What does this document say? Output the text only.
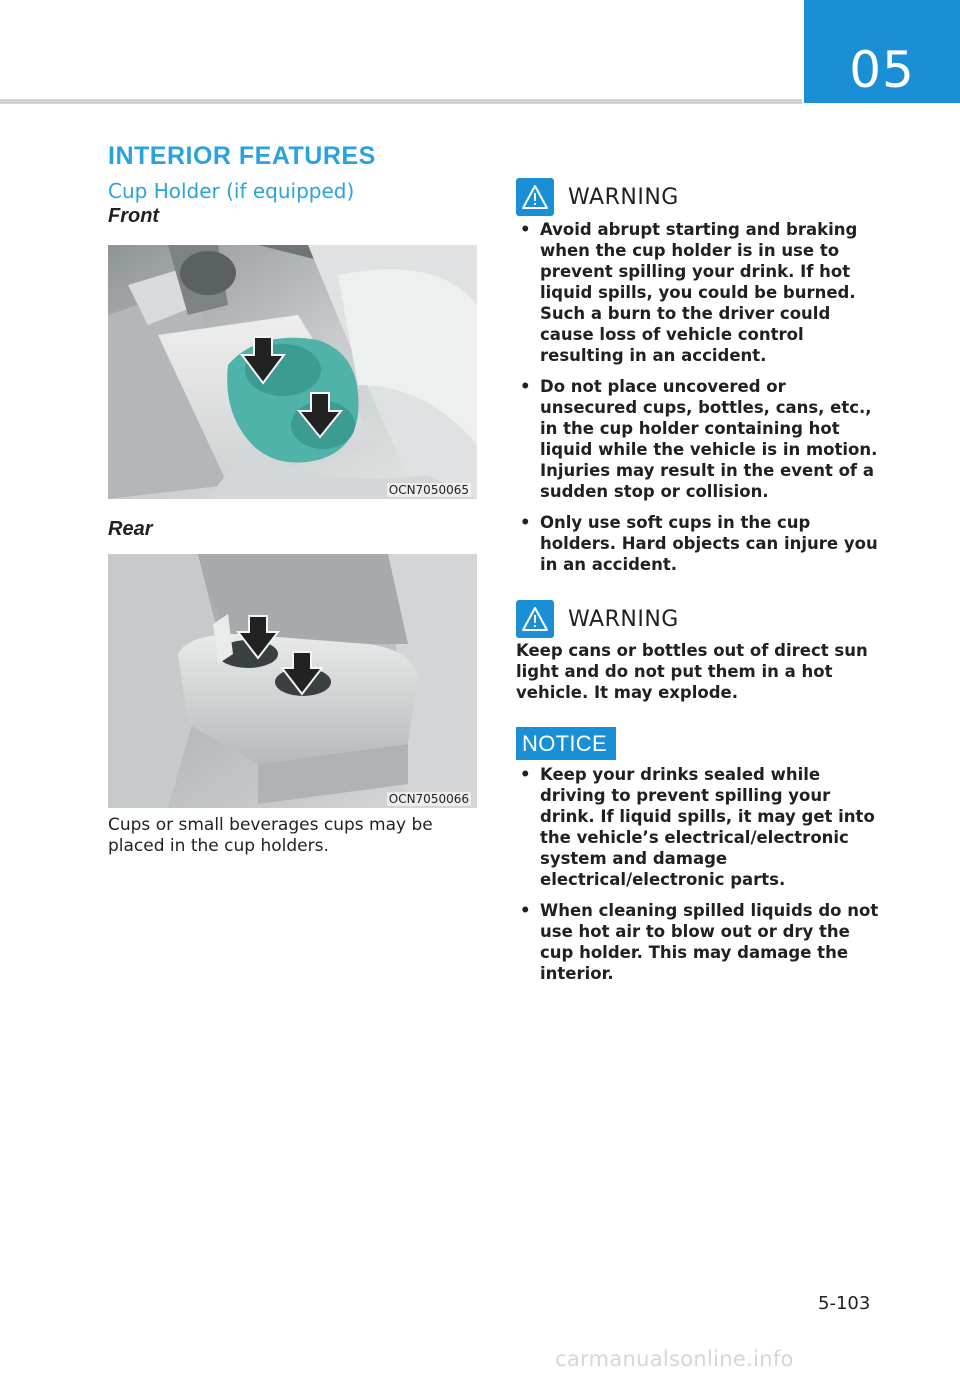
05
INTERIOR FEATURES
Cup Holder (if equipped)
Front
OCN7050065
Rear
OCN7050066
Cups or small beverages cups may be placed in the cup holders.
WARNING
• Avoid abrupt starting and braking when the cup holder is in use to prevent spilling your drink. If hot liquid spills, you could be burned. Such a burn to the driver could cause loss of vehicle control resulting in an accident.
• Do not place uncovered or unsecured cups, bottles, cans, etc., in the cup holder containing hot liquid while the vehicle is in motion. Injuries may result in the event of a sudden stop or collision.
• Only use soft cups in the cup holders. Hard objects can injure you in an accident.
WARNING
Keep cans or bottles out of direct sun light and do not put them in a hot vehicle. It may explode.
NOTICE
• Keep your drinks sealed while driving to prevent spilling your drink. If liquid spills, it may get into the vehicle’s electrical/electronic system and damage electrical/electronic parts.
• When cleaning spilled liquids do not use hot air to blow out or dry the cup holder. This may damage the interior.
5-103
carmanualsonline.info
